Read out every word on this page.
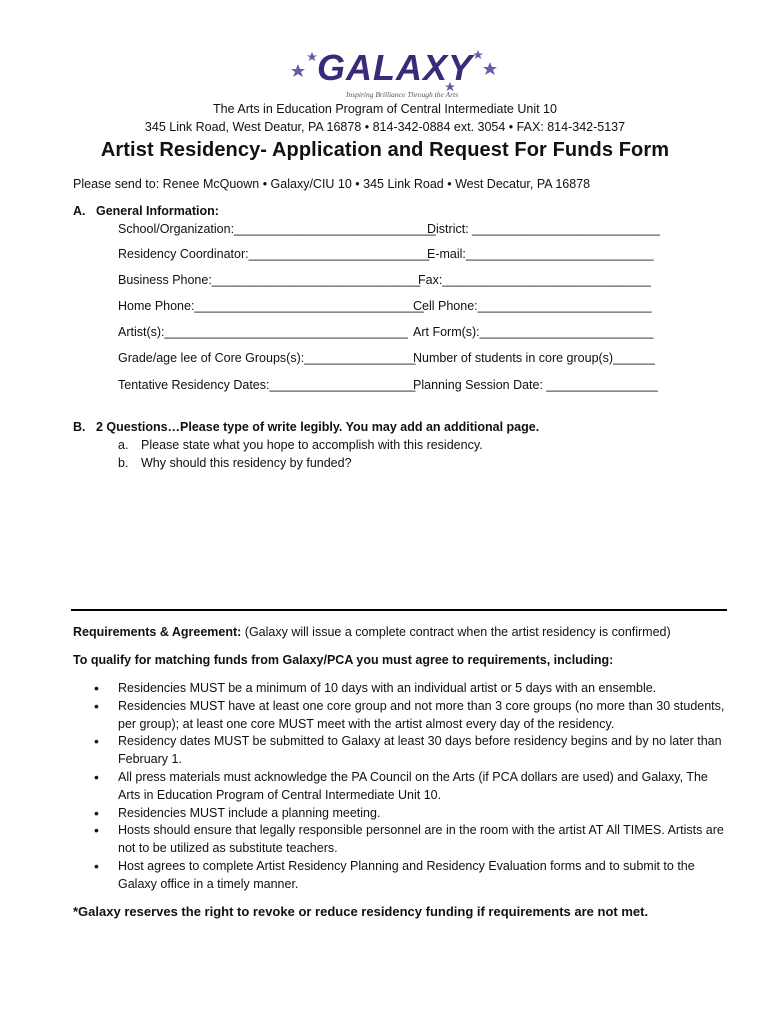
GALAXY
Inspiring Brilliance Through the Arts
The Arts in Education Program of Central Intermediate Unit 10
345 Link Road, West Deatur, PA 16878 • 814-342-0884 ext. 3054 • FAX: 814-342-5137
Artist Residency- Application and Request For Funds Form
Please send to: Renee McQuown • Galaxy/CIU 10 • 345 Link Road • West Decatur, PA 16878
A. General Information:
School/Organization:_____________________________
District: ___________________________
Residency Coordinator:__________________________
E-mail:___________________________
Business Phone:______________________________
Fax:______________________________
Home Phone:_________________________________
Cell Phone:_________________________
Artist(s):___________________________________ Art Form(s):_________________________
Grade/age lee of Core Groups(s):________________
Number of students in core group(s)______
Tentative Residency Dates:_____________________
Planning Session Date: ________________
B. 2 Questions…Please type of write legibly. You may add an additional page.
a. Please state what you hope to accomplish with this residency.
b. Why should this residency by funded?
Requirements & Agreement: (Galaxy will issue a complete contract when the artist residency is confirmed)
To qualify for matching funds from Galaxy/PCA you must agree to requirements, including:
• Residencies MUST be a minimum of 10 days with an individual artist or 5 days with an ensemble.
• Residencies MUST have at least one core group and not more than 3 core groups (no more than 30 students, per group); at least one core MUST meet with the artist almost every day of the residency.
• Residency dates MUST be submitted to Galaxy at least 30 days before residency begins and by no later than February 1.
• All press materials must acknowledge the PA Council on the Arts (if PCA dollars are used) and Galaxy, The Arts in Education Program of Central Intermediate Unit 10.
• Residencies MUST include a planning meeting.
• Hosts should ensure that legally responsible personnel are in the room with the artist AT All TIMES. Artists are not to be utilized as substitute teachers.
• Host agrees to complete Artist Residency Planning and Residency Evaluation forms and to submit to the Galaxy office in a timely manner.
*Galaxy reserves the right to revoke or reduce residency funding if requirements are not met.
